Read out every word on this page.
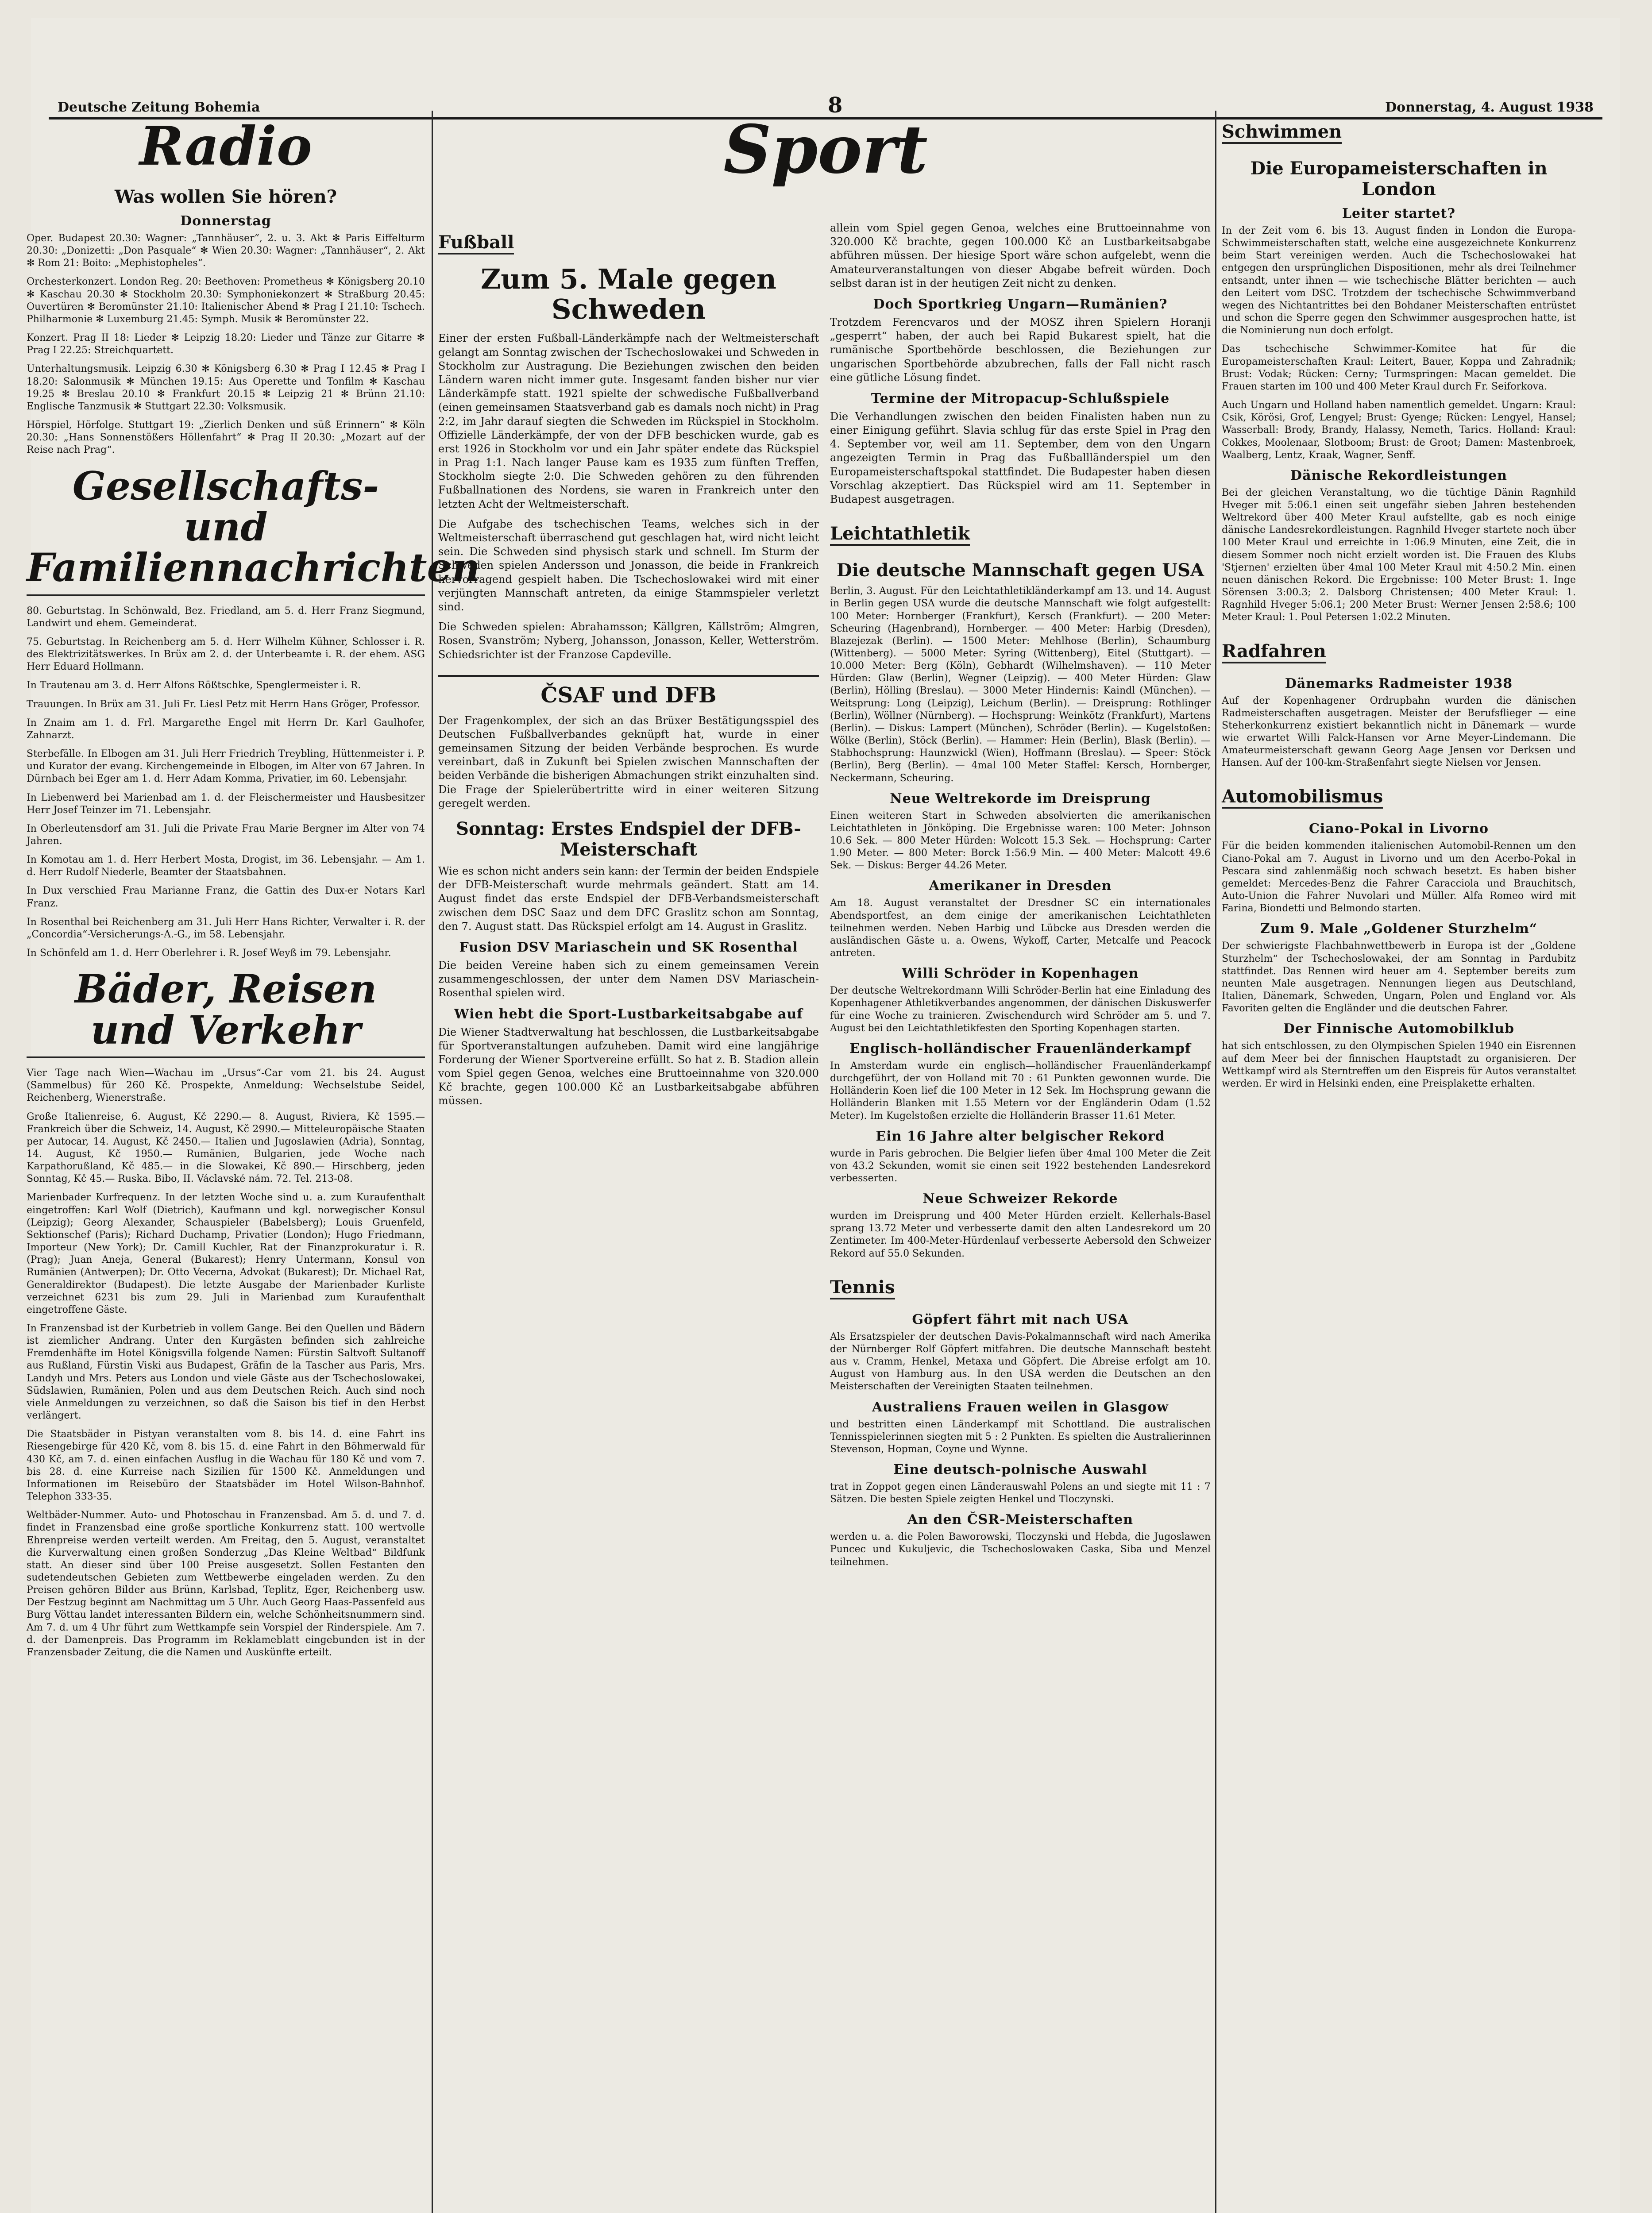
Deutsche Zeitung Bohemia	8	Donnerstag, 4. August 1938
Radio
Was wollen Sie hören?
Donnerstag

Oper. Budapest 20.30: Wagner: „Tannhäuser“, 2. u. 3. Akt ✻ Paris Eiffelturm 20.30: „Donizetti: „Don Pasquale“ ✻ Wien 20.30: Wagner: „Tannhäuser“, 2. Akt ✻ Rom 21: Boito: „Mephistopheles“.

Orchesterkonzert. London Reg. 20: Beethoven: Prometheus ✻ Königsberg 20.10 ✻ Kaschau 20.30 ✻ Stockholm 20.30: Symphoniekonzert ✻ Straßburg 20.45: Ouvertüren ✻ Beromünster 21.10: Italienischer Abend ✻ Prag I 21.10: Tschech. Philharmonie ✻ Luxemburg 21.45: Symph. Musik ✻ Beromünster 22.

Konzert. Prag II 18: Lieder ✻ Leipzig 18.20: Lieder und Tänze zur Gitarre ✻ Prag I 22.25: Streichquartett.

Unterhaltungsmusik. Leipzig 6.30 ✻ Königsberg 6.30 ✻ Prag I 12.45 ✻ Prag I 18.20: Salonmusik ✻ München 19.15: Aus Operette und Tonfilm ✻ Kaschau 19.25 ✻ Breslau 20.10 ✻ Frankfurt 20.15 ✻ Leipzig 21 ✻ Brünn 21.10: Englische Tanzmusik ✻ Stuttgart 22.30: Volksmusik.

Hörspiel, Hörfolge. Stuttgart 19: „Zierlich Denken und süß Erinnern“ ✻ Köln 20.30: „Hans Sonnenstößers Höllenfahrt“ ✻ Prag II 20.30: „Mozart auf der Reise nach Prag“.

Gesellschafts- und Familiennachrichten

80. Geburtstag. In Schönwald, Bez. Friedland, am 5. d. Herr Franz Siegmund, Landwirt und ehem. Gemeinderat.

75. Geburtstag. In Reichenberg am 5. d. Herr Wilhelm Kühner, Schlosser i. R. des Elektrizitätswerkes. In Brüx am 2. d. der Unterbeamte i. R. der ehem. ASG Herr Eduard Hollmann.

In Trautenau am 3. d. Herr Alfons Rößtschke, Spenglermeister i. R.

Trauungen. In Brüx am 31. Juli Fr. Liesl Petz mit Herrn Hans Gröger, Professor.

In Znaim am 1. d. Frl. Margarethe Engel mit Herrn Dr. Karl Gaulhofer, Zahnarzt.

Sterbefälle. In Elbogen am 31. Juli Herr Friedrich Treybling, Hüttenmeister i. P. und Kurator der evang. Kirchengemeinde in Elbogen, im Alter von 67 Jahren. In Dürnbach bei Eger am 1. d. Herr Adam Komma, Privatier, im 60. Lebensjahr.

In Liebenwerd bei Marienbad am 1. d. der Fleischermeister und Hausbesitzer Herr Josef Teinzer im 71. Lebensjahr.

In Oberleutensdorf am 31. Juli die Private Frau Marie Bergner im Alter von 74 Jahren.

In Komotau am 1. d. Herr Herbert Mosta, Drogist, im 36. Lebensjahr. — Am 1. d. Herr Rudolf Niederle, Beamter der Staatsbahnen.

In Dux verschied Frau Marianne Franz, die Gattin des Dux-er Notars Karl Franz.

In Rosenthal bei Reichenberg am 31. Juli Herr Hans Richter, Verwalter i. R. der „Concordia“-Versicherungs-A.-G., im 58. Lebensjahr.

In Schönfeld am 1. d. Herr Oberlehrer i. R. Josef Weyß im 79. Lebensjahr.

Bäder, Reisen und Verkehr

Vier Tage nach Wien—Wachau im „Ursus“-Car vom 21. bis 24. August (Sammelbus) für 260 Kč. Prospekte, Anmeldung: Wechselstube Seidel, Reichenberg, Wienerstraße.

Große Italienreise, 6. August, Kč 2290.— 8. August, Riviera, Kč 1595.— Frankreich über die Schweiz, 14. August, Kč 2990.— Mitteleuropäische Staaten per Autocar, 14. August, Kč 2450.— Italien und Jugoslawien (Adria), Sonntag, 14. August, Kč 1950.— Rumänien, Bulgarien, jede Woche nach Karpathorußland, Kč 485.— in die Slowakei, Kč 890.— Hirschberg, jeden Sonntag, Kč 45.— Ruska. Bibo, II. Václavské nám. 72. Tel. 213-08.

Marienbader Kurfrequenz. In der letzten Woche sind u. a. zum Kuraufenthalt eingetroffen: Karl Wolf (Dietrich), Kaufmann und kgl. norwegischer Konsul (Leipzig); Georg Alexander, Schauspieler (Babelsberg); Louis Gruenfeld, Sektionschef (Paris); Richard Duchamp, Privatier (London); Hugo Friedmann, Importeur (New York); Dr. Camill Kuchler, Rat der Finanzprokuratur i. R. (Prag); Juan Aneja, General (Bukarest); Henry Untermann, Konsul von Rumänien (Antwerpen); Dr. Otto Vecerna, Advokat (Bukarest); Dr. Michael Rat, Generaldirektor (Budapest). Die letzte Ausgabe der Marienbader Kurliste verzeichnet 6231 bis zum 29. Juli in Marienbad zum Kuraufenthalt eingetroffene Gäste.

In Franzensbad ist der Kurbetrieb in vollem Gange. Bei den Quellen und Bädern ist ziemlicher Andrang. Unter den Kurgästen befinden sich zahlreiche Fremdenhäfte im Hotel Königsvilla folgende Namen: Fürstin Saltvoft Sultanoff aus Rußland, Fürstin Viski aus Budapest, Gräfin de la Tascher aus Paris, Mrs. Landyh und Mrs. Peters aus London und viele Gäste aus der Tschechoslowakei, Südslawien, Rumänien, Polen und aus dem Deutschen Reich. Auch sind noch viele Anmeldungen zu verzeichnen, so daß die Saison bis tief in den Herbst verlängert.

Die Staatsbäder in Pistyan veranstalten vom 8. bis 14. d. eine Fahrt ins Riesengebirge für 420 Kč, vom 8. bis 15. d. eine Fahrt in den Böhmerwald für 430 Kč, am 7. d. einen einfachen Ausflug in die Wachau für 180 Kč und vom 7. bis 28. d. eine Kurreise nach Sizilien für 1500 Kč. Anmeldungen und Informationen im Reisebüro der Staatsbäder im Hotel Wilson-Bahnhof. Telephon 333-35.

Weltbäder-Nummer. Auto- und Photoschau in Franzensbad. Am 5. d. und 7. d. findet in Franzensbad eine große sportliche Konkurrenz statt. 100 wertvolle Ehrenpreise werden verteilt werden. Am Freitag, den 5. August, veranstaltet die Kurverwaltung einen großen Sonderzug „Das Kleine Weltbad“ Bildfunk statt. An dieser sind über 100 Preise ausgesetzt. Sollen Festanten den sudetendeutschen Gebieten zum Wettbewerbe eingeladen werden. Zu den Preisen gehören Bilder aus Brünn, Karlsbad, Teplitz, Eger, Reichenberg usw. Der Festzug beginnt am Nachmittag um 5 Uhr. Auch Georg Haas-Passenfeld aus Burg Vöttau landet interessanten Bildern ein, welche Schönheitsnummern sind. Am 7. d. um 4 Uhr führt zum Wettkampfe sein Vorspiel der Rinderspiele. Am 7. d. der Damenpreis. Das Programm im Reklameblatt eingebunden ist in der Franzensbader Zeitung, die die Namen und Auskünfte erteilt.

Sport
Fußball
Zum 5. Male gegen Schweden

Einer der ersten Fußball-Länderkämpfe nach der Weltmeisterschaft gelangt am Sonntag zwischen der Tschechoslowakei und Schweden in Stockholm zur Austragung. Die Beziehungen zwischen den beiden Ländern waren nicht immer gute. Insgesamt fanden bisher nur vier Länderkämpfe statt. 1921 spielte der schwedische Fußballverband (einen gemeinsamen Staatsverband gab es damals noch nicht) in Prag 2:2, im Jahr darauf siegten die Schweden im Rückspiel in Stockholm. Offizielle Länderkämpfe, der von der DFB beschicken wurde, gab es erst 1926 in Stockholm vor und ein Jahr später endete das Rückspiel in Prag 1:1. Nach langer Pause kam es 1935 zum fünften Treffen, Stockholm siegte 2:0. Die Schweden gehören zu den führenden Fußballnationen des Nordens, sie waren in Frankreich unter den letzten Acht der Weltmeisterschaft.

Die Aufgabe des tschechischen Teams, welches sich in der Weltmeisterschaft überraschend gut geschlagen hat, wird nicht leicht sein. Die Schweden sind physisch stark und schnell. Im Sturm der Schweden spielen Andersson und Jonasson, die beide in Frankreich hervorragend gespielt haben. Die Tschechoslowakei wird mit einer verjüngten Mannschaft antreten, da einige Stammspieler verletzt sind.

Die Schweden spielen: Abrahamsson; Källgren, Källström; Almgren, Rosen, Svanström; Nyberg, Johansson, Jonasson, Keller, Wetterström. Schiedsrichter ist der Franzose Capdeville.

ČSAF und DFB

Der Fragenkomplex, der sich an das Brüxer Bestätigungsspiel des Deutschen Fußballverbandes geknüpft hat, wurde in einer gemeinsamen Sitzung der beiden Verbände besprochen. Es wurde vereinbart, daß in Zukunft bei Spielen zwischen Mannschaften der beiden Verbände die bisherigen Abmachungen strikt einzuhalten sind. Die Frage der Spielerübertritte wird in einer weiteren Sitzung geregelt werden.

Sonntag: Erstes Endspiel der DFB-Meisterschaft

Wie es schon nicht anders sein kann: der Termin der beiden Endspiele der DFB-Meisterschaft wurde mehrmals geändert. Statt am 14. August findet das erste Endspiel der DFB-Verbandsmeisterschaft zwischen dem DSC Saaz und dem DFC Graslitz schon am Sonntag, den 7. August statt. Das Rückspiel erfolgt am 14. August in Graslitz.

Fusion DSV Mariaschein und SK Rosenthal

Die beiden Vereine haben sich zu einem gemeinsamen Verein zusammengeschlossen, der unter dem Namen DSV Mariaschein-Rosenthal spielen wird.

Wien hebt die Sport-Lustbarkeitsabgabe auf

Die Wiener Stadtverwaltung hat beschlossen, die Lustbarkeitsabgabe für Sportveranstaltungen aufzuheben. Damit wird eine langjährige Forderung der Wiener Sportvereine erfüllt. So hat z. B. Stadion allein vom Spiel gegen Genoa, welches eine Bruttoeinnahme von 320.000 Kč brachte, gegen 100.000 Kč an Lustbarkeitsabgabe abführen müssen.

allein vom Spiel gegen Genoa, welches eine Bruttoeinnahme von 320.000 Kč brachte, gegen 100.000 Kč an Lustbarkeitsabgabe abführen müssen. Der hiesige Sport wäre schon aufgelebt, wenn die Amateurveranstaltungen von dieser Abgabe befreit würden. Doch selbst daran ist in der heutigen Zeit nicht zu denken.

Doch Sportkrieg Ungarn—Rumänien?

Trotzdem Ferencvaros und der MOSZ ihren Spielern Horanji „gesperrt“ haben, der auch bei Rapid Bukarest spielt, hat die rumänische Sportbehörde beschlossen, die Beziehungen zur ungarischen Sportbehörde abzubrechen, falls der Fall nicht rasch eine gütliche Lösung findet.

Termine der Mitropacup-Schlußspiele

Die Verhandlungen zwischen den beiden Finalisten haben nun zu einer Einigung geführt. Slavia schlug für das erste Spiel in Prag den 4. September vor, weil am 11. September, dem von den Ungarn angezeigten Termin in Prag das Fußballländerspiel um den Europameisterschaftspokal stattfindet. Die Budapester haben diesen Vorschlag akzeptiert. Das Rückspiel wird am 11. September in Budapest ausgetragen.

Leichtathletik
Die deutsche Mannschaft gegen USA

Berlin, 3. August. Für den Leichtathletikländerkampf am 13. und 14. August in Berlin gegen USA wurde die deutsche Mannschaft wie folgt aufgestellt: 100 Meter: Hornberger (Frankfurt), Kersch (Frankfurt). — 200 Meter: Scheuring (Hagenbrand), Hornberger. — 400 Meter: Harbig (Dresden), Blazejezak (Berlin). — 1500 Meter: Mehlhose (Berlin), Schaumburg (Wittenberg). — 5000 Meter: Syring (Wittenberg), Eitel (Stuttgart). — 10.000 Meter: Berg (Köln), Gebhardt (Wilhelmshaven). — 110 Meter Hürden: Glaw (Berlin), Wegner (Leipzig). — 400 Meter Hürden: Glaw (Berlin), Hölling (Breslau). — 3000 Meter Hindernis: Kaindl (München). — Weitsprung: Long (Leipzig), Leichum (Berlin). — Dreisprung: Rothlinger (Berlin), Wöllner (Nürnberg). — Hochsprung: Weinkötz (Frankfurt), Martens (Berlin). — Diskus: Lampert (München), Schröder (Berlin). — Kugelstoßen: Wölke (Berlin), Stöck (Berlin). — Hammer: Hein (Berlin), Blask (Berlin). — Stabhochsprung: Haunzwickl (Wien), Hoffmann (Breslau). — Speer: Stöck (Berlin), Berg (Berlin). — 4mal 100 Meter Staffel: Kersch, Hornberger, Neckermann, Scheuring.

Neue Weltrekorde im Dreisprung

Einen weiteren Start in Schweden absolvierten die amerikanischen Leichtathleten in Jönköping. Die Ergebnisse waren: 100 Meter: Johnson 10.6 Sek. — 800 Meter Hürden: Wolcott 15.3 Sek. — Hochsprung: Carter 1.90 Meter. — 800 Meter: Borck 1:56.9 Min. — 400 Meter: Malcott 49.6 Sek. — Diskus: Berger 44.26 Meter.

Amerikaner in Dresden

Am 18. August veranstaltet der Dresdner SC ein internationales Abendsportfest, an dem einige der amerikanischen Leichtathleten teilnehmen werden. Neben Harbig und Lübcke aus Dresden werden die ausländischen Gäste u. a. Owens, Wykoff, Carter, Metcalfe und Peacock antreten.

Willi Schröder in Kopenhagen

Der deutsche Weltrekordmann Willi Schröder-Berlin hat eine Einladung des Kopenhagener Athletikverbandes angenommen, der dänischen Diskuswerfer für eine Woche zu trainieren. Zwischendurch wird Schröder am 5. und 7. August bei den Leichtathletikfesten den Sporting Kopenhagen starten.

Englisch-holländischer Frauenländerkampf

In Amsterdam wurde ein englisch—holländischer Frauenländerkampf durchgeführt, der von Holland mit 70 : 61 Punkten gewonnen wurde. Die Holländerin Koen lief die 100 Meter in 12 Sek. Im Hochsprung gewann die Holländerin Blanken mit 1.55 Metern vor der Engländerin Odam (1.52 Meter). Im Kugelstoßen erzielte die Holländerin Brasser 11.61 Meter.

Ein 16 Jahre alter belgischer Rekord

wurde in Paris gebrochen. Die Belgier liefen über 4mal 100 Meter die Zeit von 43.2 Sekunden, womit sie einen seit 1922 bestehenden Landesrekord verbesserten.

Neue Schweizer Rekorde

wurden im Dreisprung und 400 Meter Hürden erzielt. Kellerhals-Basel sprang 13.72 Meter und verbesserte damit den alten Landesrekord um 20 Zentimeter. Im 400-Meter-Hürdenlauf verbesserte Aebersold den Schweizer Rekord auf 55.0 Sekunden.

Tennis
Göpfert fährt mit nach USA

Als Ersatzspieler der deutschen Davis-Pokalmannschaft wird nach Amerika der Nürnberger Rolf Göpfert mitfahren. Die deutsche Mannschaft besteht aus v. Cramm, Henkel, Metaxa und Göpfert. Die Abreise erfolgt am 10. August von Hamburg aus. In den USA werden die Deutschen an den Meisterschaften der Vereinigten Staaten teilnehmen.

Australiens Frauen weilen in Glasgow

und bestritten einen Länderkampf mit Schottland. Die australischen Tennisspielerinnen siegten mit 5 : 2 Punkten. Es spielten die Australierinnen Stevenson, Hopman, Coyne und Wynne.

Eine deutsch-polnische Auswahl

trat in Zoppot gegen einen Länderauswahl Polens an und siegte mit 11 : 7 Sätzen. Die besten Spiele zeigten Henkel und Tloczynski.

An den ČSR-Meisterschaften

werden u. a. die Polen Baworowski, Tloczynski und Hebda, die Jugoslawen Puncec und Kukuljevic, die Tschechoslowaken Caska, Siba und Menzel teilnehmen.

Schwimmen
Die Europameisterschaften in London
Leiter startet?

In der Zeit vom 6. bis 13. August finden in London die Europa-Schwimmeisterschaften statt, welche eine ausgezeichnete Konkurrenz beim Start vereinigen werden. Auch die Tschechoslowakei hat entgegen den ursprünglichen Dispositionen, mehr als drei Teilnehmer entsandt, unter ihnen — wie tschechische Blätter berichten — auch den Leitert vom DSC. Trotzdem der tschechische Schwimmverband wegen des Nichtantrittes bei den Bohdaner Meisterschaften entrüstet und schon die Sperre gegen den Schwimmer ausgesprochen hatte, ist die Nominierung nun doch erfolgt.

Das tschechische Schwimmer-Komitee hat für die Europameisterschaften Kraul: Leitert, Bauer, Koppa und Zahradnik; Brust: Vodak; Rücken: Cerny; Turmspringen: Macan gemeldet. Die Frauen starten im 100 und 400 Meter Kraul durch Fr. Seiforkova.

Auch Ungarn und Holland haben namentlich gemeldet. Ungarn: Kraul: Csik, Körösi, Grof, Lengyel; Brust: Gyenge; Rücken: Lengyel, Hansel; Wasserball: Brody, Brandy, Halassy, Nemeth, Tarics. Holland: Kraul: Cokkes, Moolenaar, Slotboom; Brust: de Groot; Damen: Mastenbroek, Waalberg, Lentz, Kraak, Wagner, Senff.

Dänische Rekordleistungen

Bei der gleichen Veranstaltung, wo die tüchtige Dänin Ragnhild Hveger mit 5:06.1 einen seit ungefähr sieben Jahren bestehenden Weltrekord über 400 Meter Kraul aufstellte, gab es noch einige dänische Landesrekordleistungen. Ragnhild Hveger startete noch über 100 Meter Kraul und erreichte in 1:06.9 Minuten, eine Zeit, die in diesem Sommer noch nicht erzielt worden ist. Die Frauen des Klubs 'Stjernen' erzielten über 4mal 100 Meter Kraul mit 4:50.2 Min. einen neuen dänischen Rekord. Die Ergebnisse: 100 Meter Brust: 1. Inge Sörensen 3:00.3; 2. Dalsborg Christensen; 400 Meter Kraul: 1. Ragnhild Hveger 5:06.1; 200 Meter Brust: Werner Jensen 2:58.6; 100 Meter Kraul: 1. Poul Petersen 1:02.2 Minuten.

Radfahren
Dänemarks Radmeister 1938

Auf der Kopenhagener Ordrupbahn wurden die dänischen Radmeisterschaften ausgetragen. Meister der Berufsflieger — eine Steherkonkurrenz existiert bekanntlich nicht in Dänemark — wurde wie erwartet Willi Falck-Hansen vor Arne Meyer-Lindemann. Die Amateurmeisterschaft gewann Georg Aage Jensen vor Derksen und Hansen. Auf der 100-km-Straßenfahrt siegte Nielsen vor Jensen.

Automobilismus
Ciano-Pokal in Livorno

Für die beiden kommenden italienischen Automobil-Rennen um den Ciano-Pokal am 7. August in Livorno und um den Acerbo-Pokal in Pescara sind zahlenmäßig noch schwach besetzt. Es haben bisher gemeldet: Mercedes-Benz die Fahrer Caracciola und Brauchitsch, Auto-Union die Fahrer Nuvolari und Müller. Alfa Romeo wird mit Farina, Biondetti und Belmondo starten.

Zum 9. Male „Goldener Sturzhelm“

Der schwierigste Flachbahnwettbewerb in Europa ist der „Goldene Sturzhelm“ der Tschechoslowakei, der am Sonntag in Pardubitz stattfindet. Das Rennen wird heuer am 4. September bereits zum neunten Male ausgetragen. Nennungen liegen aus Deutschland, Italien, Dänemark, Schweden, Ungarn, Polen und England vor. Als Favoriten gelten die Engländer und die deutschen Fahrer.

Der Finnische Automobilklub

hat sich entschlossen, zu den Olympischen Spielen 1940 ein Eisrennen auf dem Meer bei der finnischen Hauptstadt zu organisieren. Der Wettkampf wird als Sterntreffen um den Eispreis für Autos veranstaltet werden. Er wird in Helsinki enden, eine Preisplakette erhalten.
